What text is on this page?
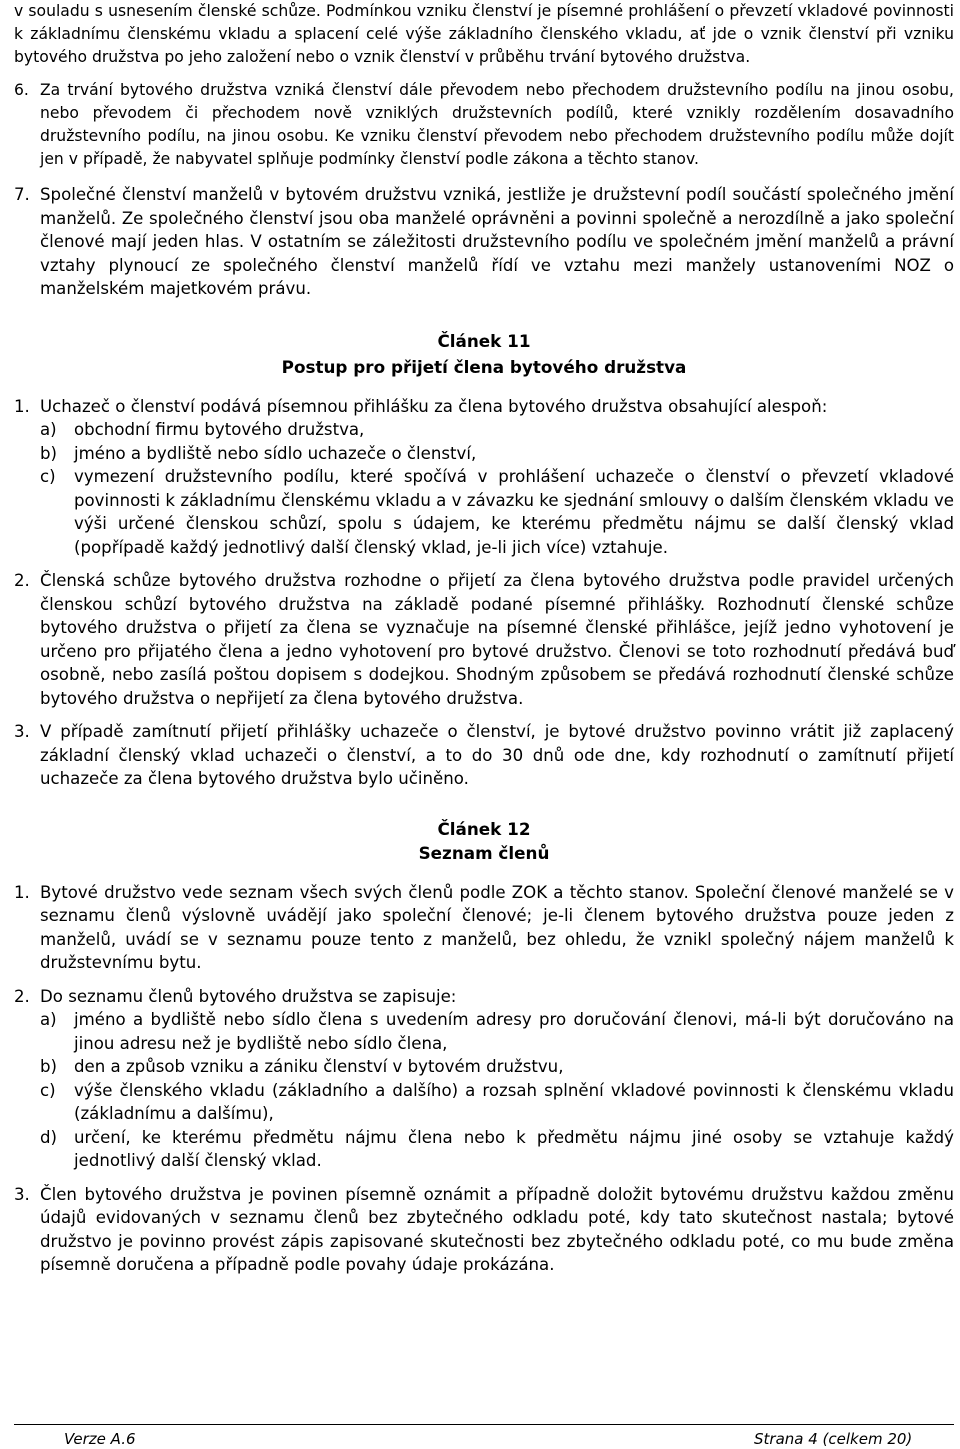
v souladu s usnesením členské schůze. Podmínkou vzniku členství je písemné prohlášení o převzetí vkladové povinnosti k základnímu členskému vkladu a splacení celé výše základního členského vkladu, ať jde o vznik členství při vzniku bytového družstva po jeho založení nebo o vznik členství v průběhu trvání bytového družstva.

6. Za trvání bytového družstva vzniká členství dále převodem nebo přechodem družstevního podílu na jinou osobu, nebo převodem či přechodem nově vzniklých družstevních podílů, které vznikly rozdělením dosavadního družstevního podílu, na jinou osobu. Ke vzniku členství převodem nebo přechodem družstevního podílu může dojít jen v případě, že nabyvatel splňuje podmínky členství podle zákona a těchto stanov.
7. Společné členství manželů v bytovém družstvu vzniká, jestliže je družstevní podíl součástí společného jmění manželů. Ze společného členství jsou oba manželé oprávněni a povinni společně a nerozdílně a jako společní členové mají jeden hlas. V ostatním se záležitosti družstevního podílu ve společném jmění manželů a právní vztahy plynoucí ze společného členství manželů řídí ve vztahu mezi manžely ustanoveními NOZ o manželském majetkovém právu.

Článek 11

Postup pro přijetí člena bytového družstva

1. Uchazeč o členství podává písemnou přihlášku za člena bytového družstva obsahující alespoň:
a) obchodní firmu bytového družstva,
b) jméno a bydliště nebo sídlo uchazeče o členství,
c) vymezení družstevního podílu, které spočívá v prohlášení uchazeče o členství o převzetí vkladové povinnosti k základnímu členskému vkladu a v závazku ke sjednání smlouvy o dalším členském vkladu ve výši určené členskou schůzí, spolu s údajem, ke kterému předmětu nájmu se další členský vklad (popřípadě každý jednotlivý další členský vklad, je-li jich více) vztahuje.
2. Členská schůze bytového družstva rozhodne o přijetí za člena bytového družstva podle pravidel určených členskou schůzí bytového družstva na základě podané písemné přihlášky. Rozhodnutí členské schůze bytového družstva o přijetí za člena se vyznačuje na písemné členské přihlášce, jejíž jedno vyhotovení je určeno pro přijatého člena a jedno vyhotovení pro bytové družstvo. Členovi se toto rozhodnutí předává buď osobně, nebo zasílá poštou dopisem s dodejkou. Shodným způsobem se předává rozhodnutí členské schůze bytového družstva o nepřijetí za člena bytového družstva.
3. V případě zamítnutí přijetí přihlášky uchazeče o členství, je bytové družstvo povinno vrátit již zaplacený základní členský vklad uchazeči o členství, a to do 30 dnů ode dne, kdy rozhodnutí o zamítnutí přijetí uchazeče za člena bytového družstva bylo učiněno.

Článek 12

Seznam členů

1. Bytové družstvo vede seznam všech svých členů podle ZOK a těchto stanov. Společní členové manželé se v seznamu členů výslovně uvádějí jako společní členové; je-li členem bytového družstva pouze jeden z manželů, uvádí se v seznamu pouze tento z manželů, bez ohledu, že vznikl společný nájem manželů k družstevnímu bytu.
2. Do seznamu členů bytového družstva se zapisuje:
a) jméno a bydliště nebo sídlo člena s uvedením adresy pro doručování členovi, má-li být doručováno na jinou adresu než je bydliště nebo sídlo člena,
b) den a způsob vzniku a zániku členství v bytovém družstvu,
c) výše členského vkladu (základního a dalšího) a rozsah splnění vkladové povinnosti k členskému vkladu (základnímu a dalšímu),
d) určení, ke kterému předmětu nájmu člena nebo k předmětu nájmu jiné osoby se vztahuje každý jednotlivý další členský vklad.
3. Člen bytového družstva je povinen písemně oznámit a případně doložit bytovému družstvu každou změnu údajů evidovaných v seznamu členů bez zbytečného odkladu poté, kdy tato skutečnost nastala; bytové družstvo je povinno provést zápis zapisované skutečnosti bez zbytečného odkladu poté, co mu bude změna písemně doručena a případně podle povahy údaje prokázána.
Verze A.6	Strana 4 (celkem 20)
